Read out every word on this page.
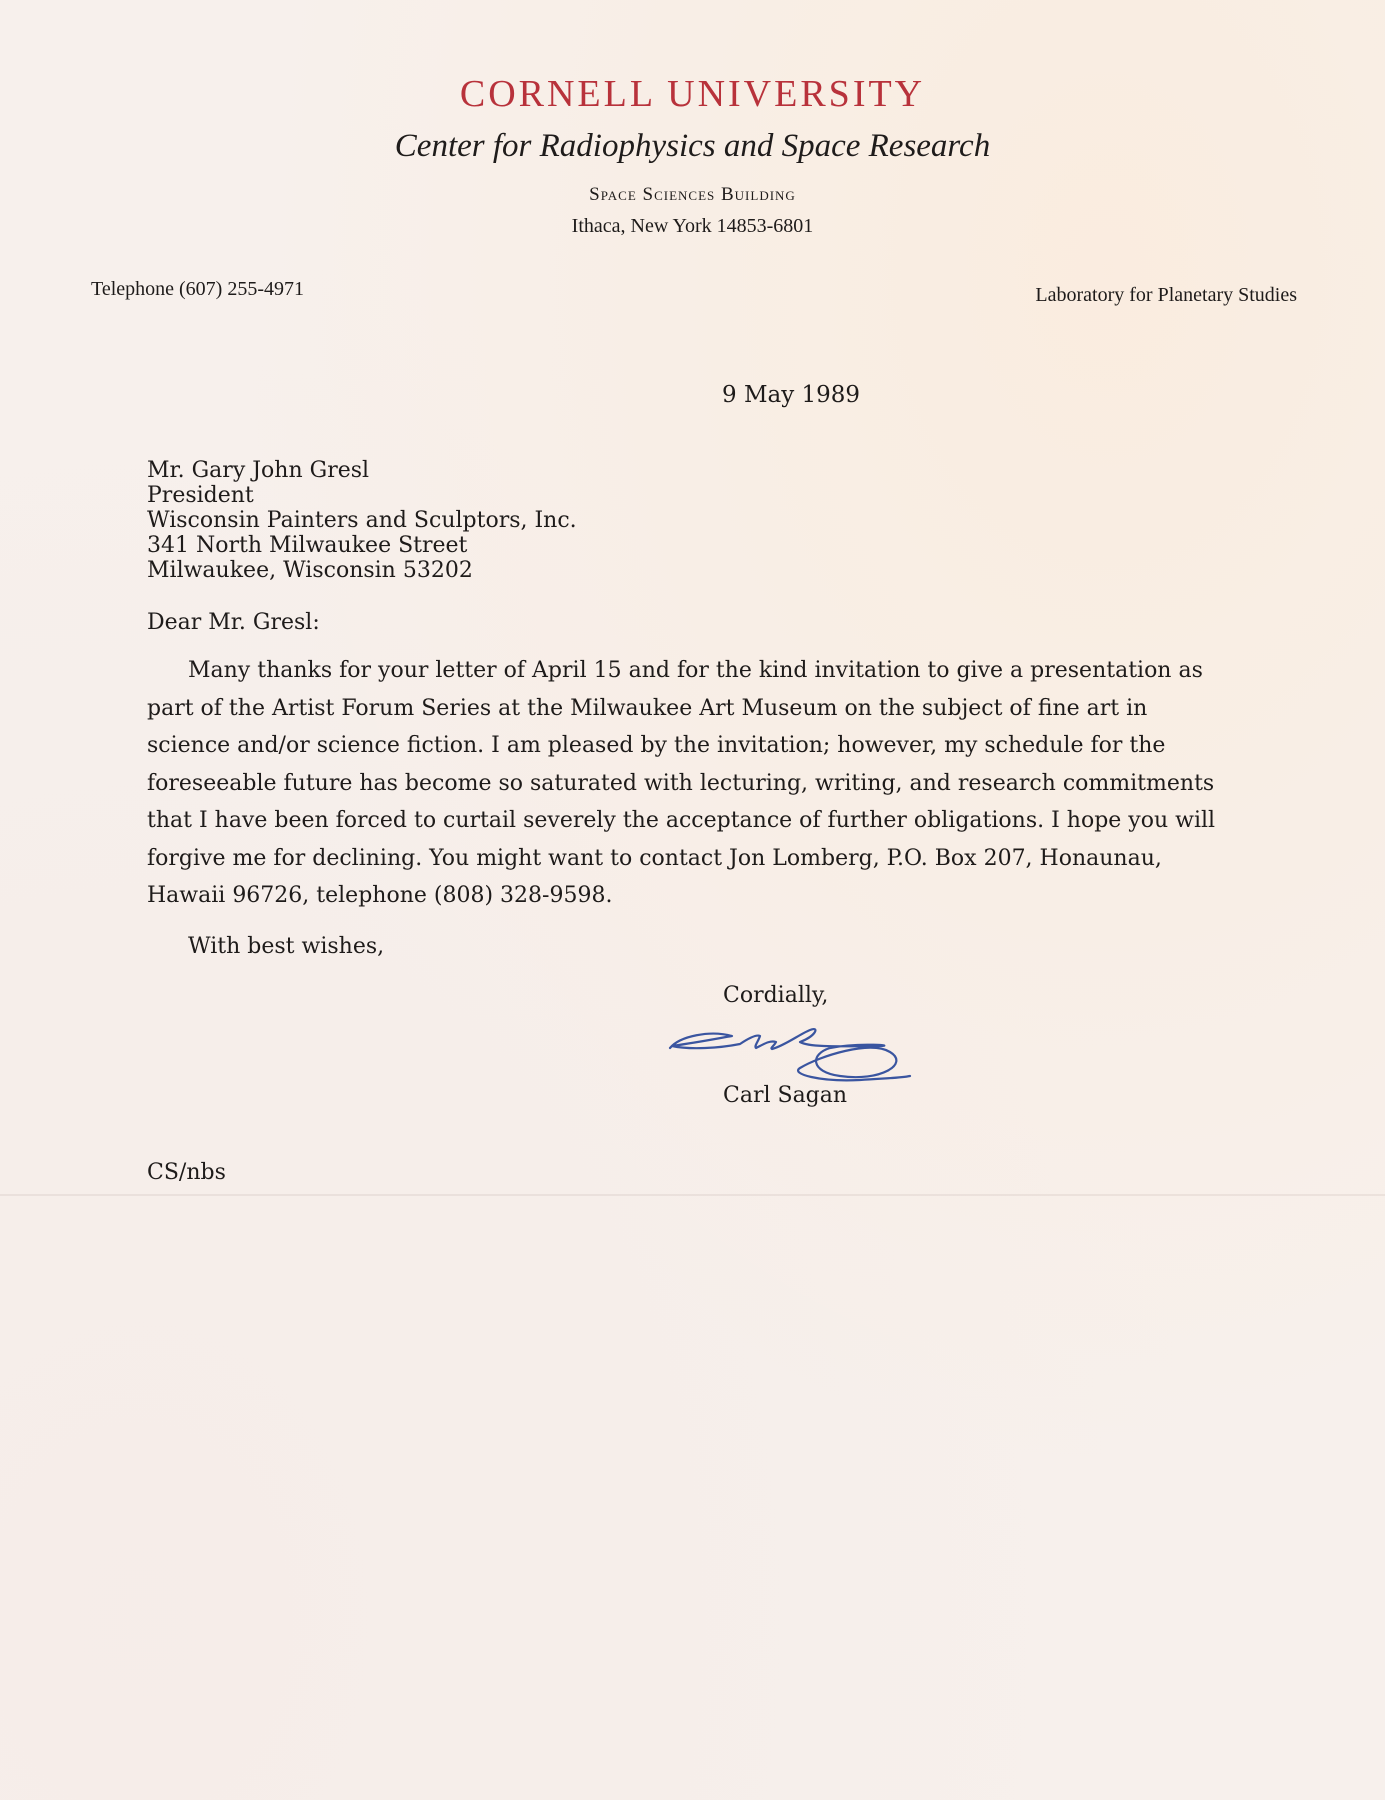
CORNELL UNIVERSITY
Center for Radiophysics and Space Research
Space Sciences Building
Ithaca, New York 14853-6801
Telephone (607) 255-4971	Laboratory for Planetary Studies
9 May 1989
Mr. Gary John Gresl
President
Wisconsin Painters and Sculptors, Inc.
341 North Milwaukee Street
Milwaukee, Wisconsin 53202
Dear Mr. Gresl:
Many thanks for your letter of April 15 and for the kind invitation to give a presentation as
part of the Artist Forum Series at the Milwaukee Art Museum on the subject of fine art in
science and/or science fiction. I am pleased by the invitation; however, my schedule for the
foreseeable future has become so saturated with lecturing, writing, and research commitments
that I have been forced to curtail severely the acceptance of further obligations. I hope you will
forgive me for declining. You might want to contact Jon Lomberg, P.O. Box 207, Honaunau,
Hawaii 96726, telephone (808) 328-9598.
With best wishes,
Cordially,
Carl Sagan
CS/nbs
